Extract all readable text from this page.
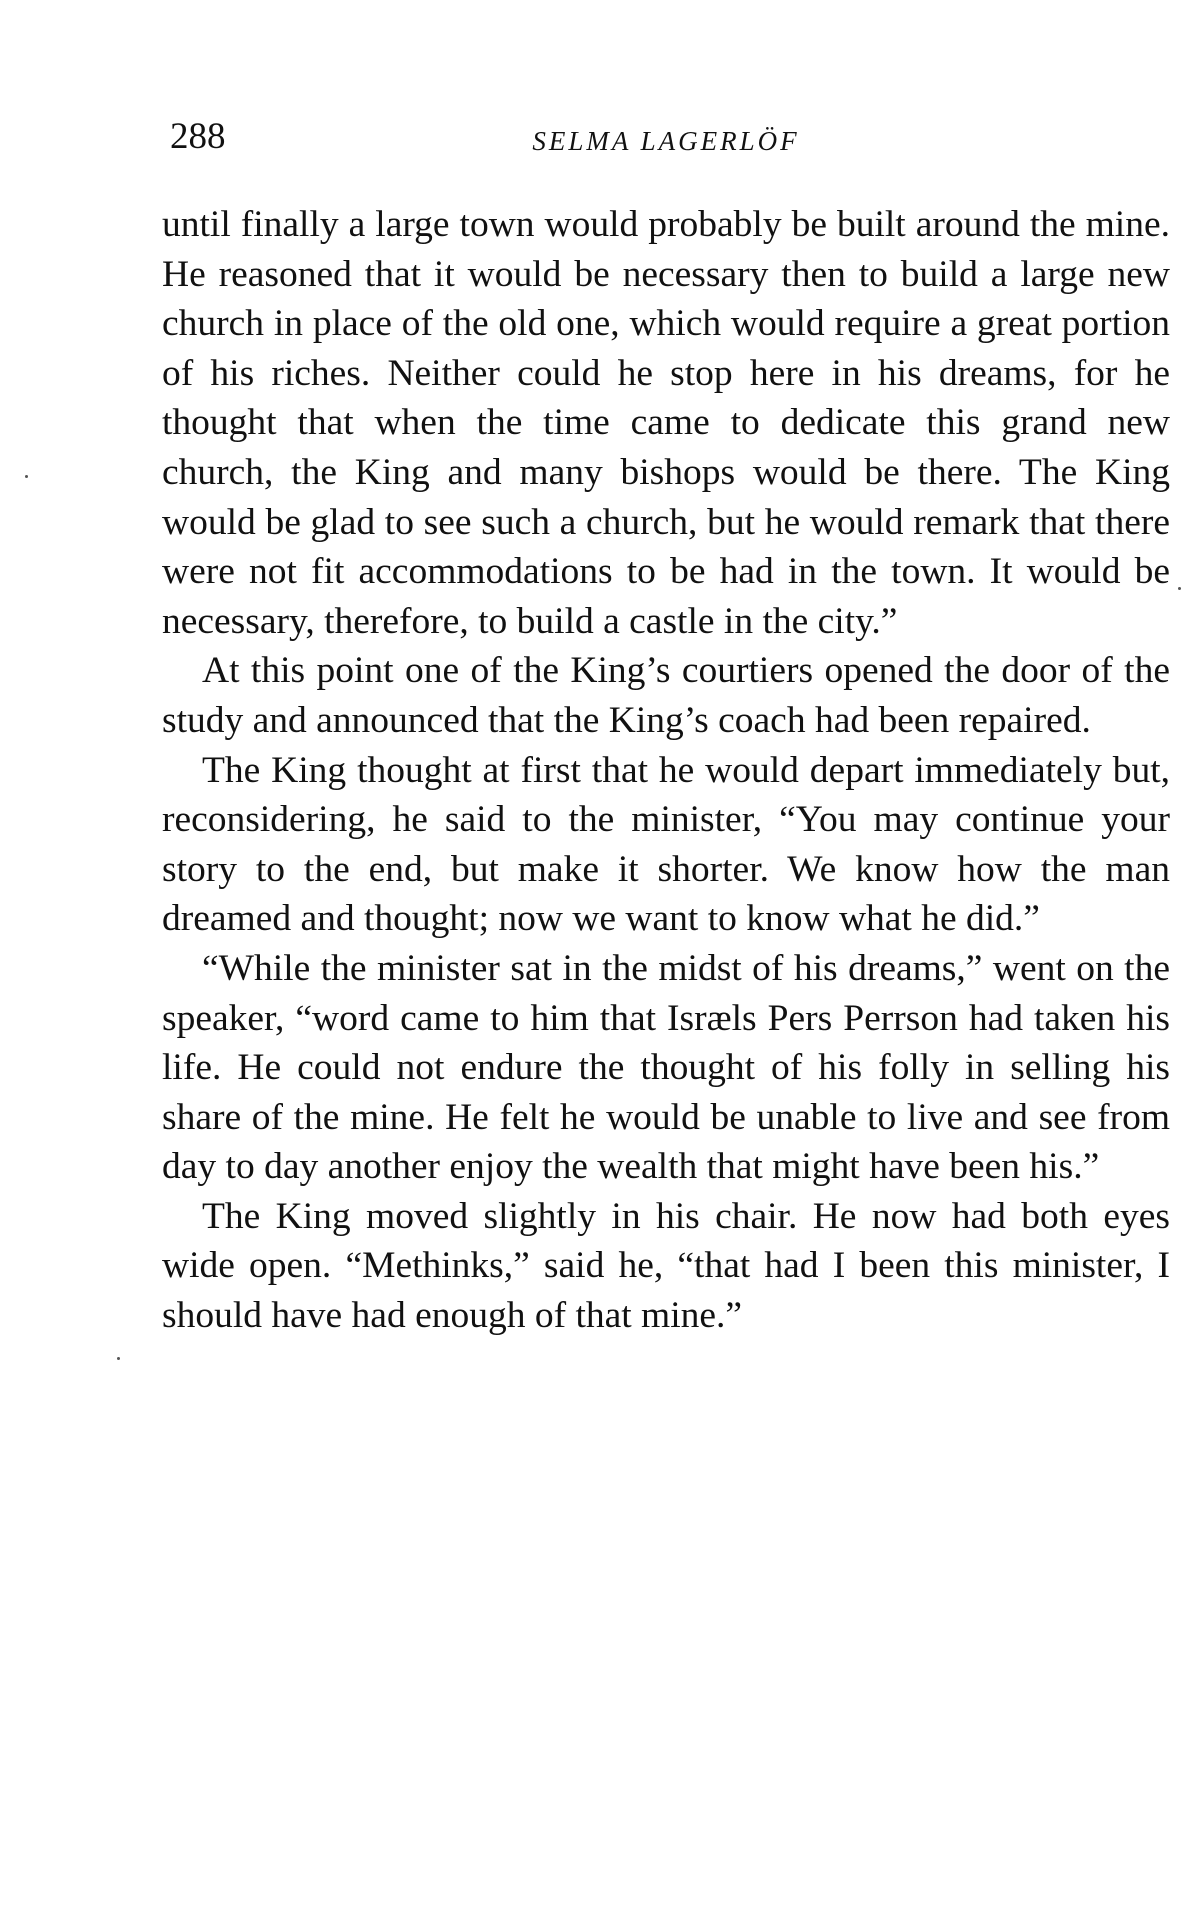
288	SELMA LAGERLÖF

until finally a large town would probably be built around the mine. He reasoned that it would be necessary then to build a large new church in place of the old one, which would require a great portion of his riches. Neither could he stop here in his dreams, for he thought that when the time came to dedicate this grand new church, the King and many bishops would be there. The King would be glad to see such a church, but he would remark that there were not fit accommodations to be had in the town. It would be necessary, therefore, to build a castle in the city.”

At this point one of the King’s courtiers opened the door of the study and announced that the King’s coach had been repaired.

The King thought at first that he would depart immediately but, reconsidering, he said to the minister, “You may continue your story to the end, but make it shorter. We know how the man dreamed and thought; now we want to know what he did.”

“While the minister sat in the midst of his dreams,” went on the speaker, “word came to him that Isræls Pers Perrson had taken his life. He could not endure the thought of his folly in selling his share of the mine. He felt he would be unable to live and see from day to day another enjoy the wealth that might have been his.”

The King moved slightly in his chair. He now had both eyes wide open. “Methinks,” said he, “that had I been this minister, I should have had enough of that mine.”
